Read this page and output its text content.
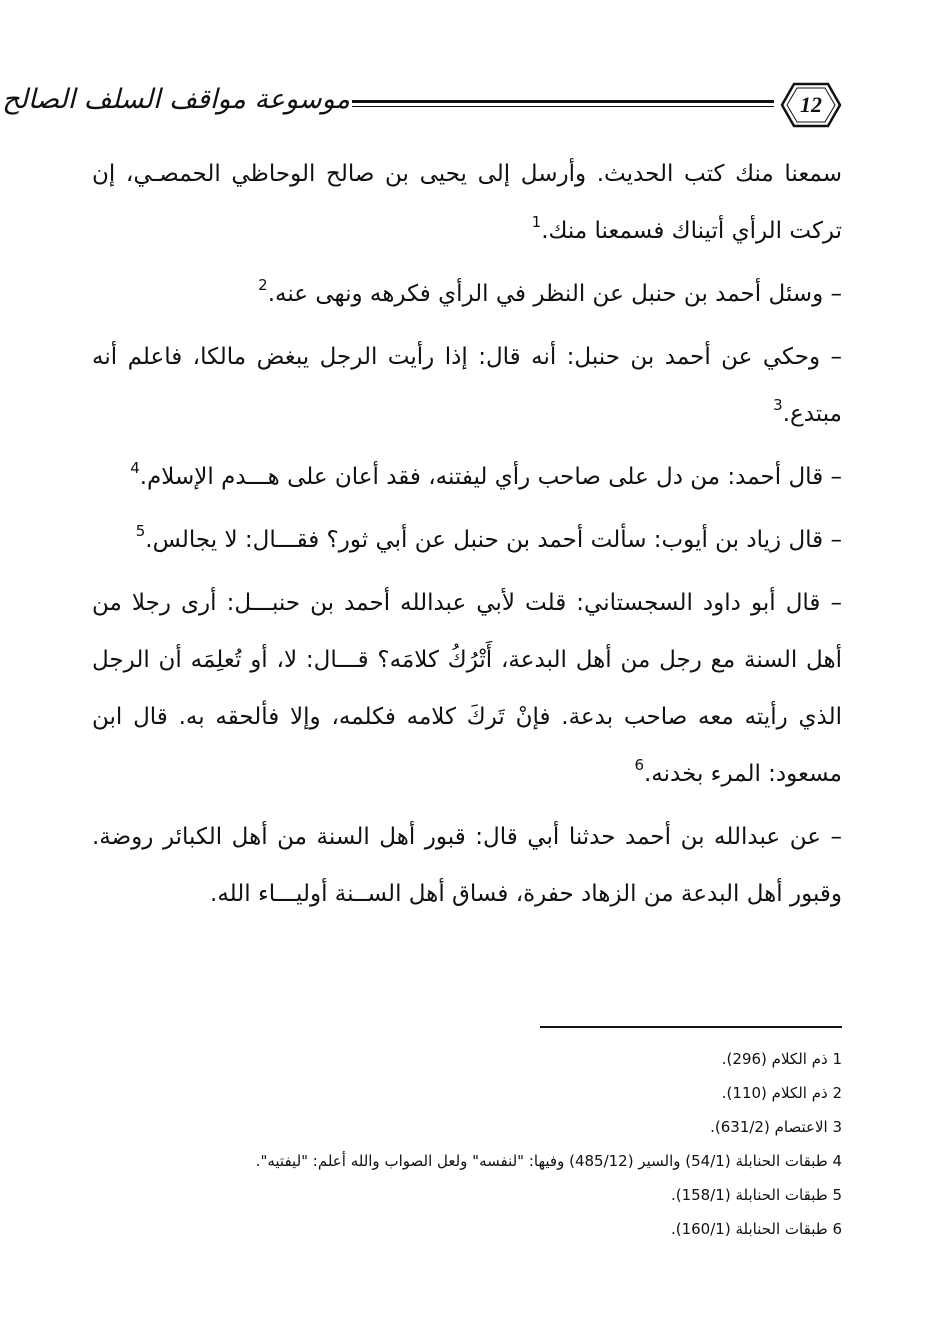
12
موسوعة مواقف السلف الصالح

سمعنا منك كتب الحديث. وأرسل إلى يحيى بن صالح الوحاظي الحمصـي، إن تركت الرأي أتيناك فسمعنا منك.$^1$

– وسئل أحمد بن حنبل عن النظر في الرأي فكرهه ونهى عنه.$^2$

– وحكي عن أحمد بن حنبل: أنه قال: إذا رأيت الرجل يبغض مالكا، فاعلم أنه مبتدع.$^3$

– قال أحمد: من دل على صاحب رأي ليفتنه، فقد أعان على هـــدم الإسلام.$^4$

– قال زياد بن أيوب: سألت أحمد بن حنبل عن أبي ثور؟ فقـــال: لا يجالس.$^5$

– قال أبو داود السجستاني: قلت لأبي عبدالله أحمد بن حنبـــل: أرى رجلا من أهل السنة مع رجل من أهل البدعة، أَتْرُكُ كلامَه؟ قـــال: لا، أو تُعلِمَه أن الرجل الذي رأيته معه صاحب بدعة. فإنْ تَركَ كلامه فكلمه، وإلا فألحقه به. قال ابن مسعود: المرء بخدنه.$^6$

– عن عبدالله بن أحمد حدثنا أبي قال: قبور أهل السنة من أهل الكبائر روضة. وقبور أهل البدعة من الزهاد حفرة، فساق أهل الســنة أوليـــاء الله.

1 ذم الكلام (296).
2 ذم الكلام (110).
3 الاعتصام (631/2).
4 طبقات الحنابلة (54/1) والسير (485/12) وفيها: "لنفسه" ولعل الصواب والله أعلم: "ليفتيه".
5 طبقات الحنابلة (158/1).
6 طبقات الحنابلة (160/1).
